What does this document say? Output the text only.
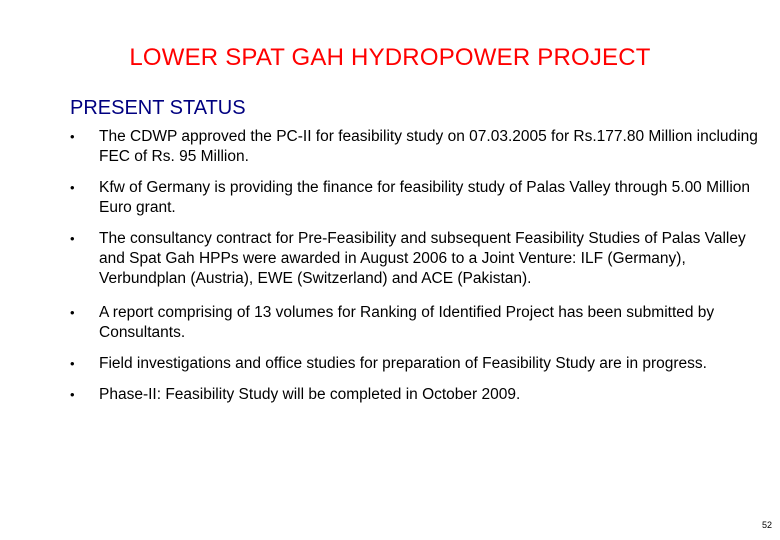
LOWER SPAT GAH HYDROPOWER PROJECT
PRESENT STATUS
•	The CDWP approved the PC-II for feasibility study on 07.03.2005 for Rs.177.80 Million including FEC of Rs. 95 Million.
•	Kfw of Germany is providing the finance for feasibility study of Palas Valley through 5.00 Million Euro grant.
•	The consultancy contract for Pre-Feasibility and subsequent Feasibility Studies of Palas Valley and Spat Gah HPPs were awarded in August 2006 to a Joint Venture: ILF (Germany), Verbundplan (Austria), EWE (Switzerland) and ACE (Pakistan).
•	A report comprising of 13 volumes for Ranking of Identified Project has been submitted by Consultants.
•	Field investigations and office studies for preparation of Feasibility Study are in progress.
•	Phase-II: Feasibility Study will be completed in October 2009.
52
